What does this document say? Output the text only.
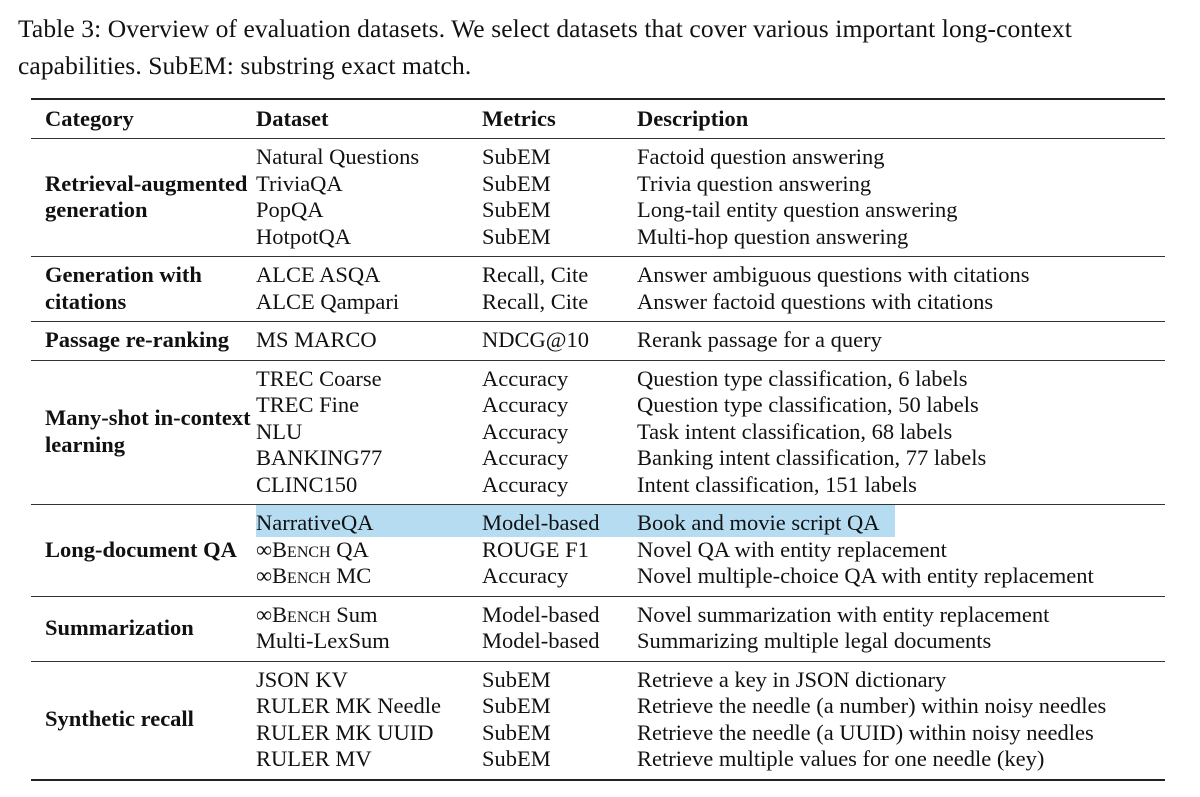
Table 3: Overview of evaluation datasets. We select datasets that cover various important long-context capabilities. SubEM: substring exact match.
Category	Dataset	Metrics	Description
Retrieval-augmented generation	Natural Questions	SubEM	Factoid question answering
	TriviaQA	SubEM	Trivia question answering
	PopQA	SubEM	Long-tail entity question answering
	HotpotQA	SubEM	Multi-hop question answering
Generation with citations	ALCE ASQA	Recall, Cite	Answer ambiguous questions with citations
	ALCE Qampari	Recall, Cite	Answer factoid questions with citations
Passage re-ranking	MS MARCO	NDCG@10	Rerank passage for a query
Many-shot in-context learning	TREC Coarse	Accuracy	Question type classification, 6 labels
	TREC Fine	Accuracy	Question type classification, 50 labels
	NLU	Accuracy	Task intent classification, 68 labels
	BANKING77	Accuracy	Banking intent classification, 77 labels
	CLINC150	Accuracy	Intent classification, 151 labels
Long-document QA	NarrativeQA	Model-based	Book and movie script QA
	∞Bench QA	ROUGE F1	Novel QA with entity replacement
	∞Bench MC	Accuracy	Novel multiple-choice QA with entity replacement
Summarization	∞Bench Sum	Model-based	Novel summarization with entity replacement
	Multi-LexSum	Model-based	Summarizing multiple legal documents
Synthetic recall	JSON KV	SubEM	Retrieve a key in JSON dictionary
	RULER MK Needle	SubEM	Retrieve the needle (a number) within noisy needles
	RULER MK UUID	SubEM	Retrieve the needle (a UUID) within noisy needles
	RULER MV	SubEM	Retrieve multiple values for one needle (key)
